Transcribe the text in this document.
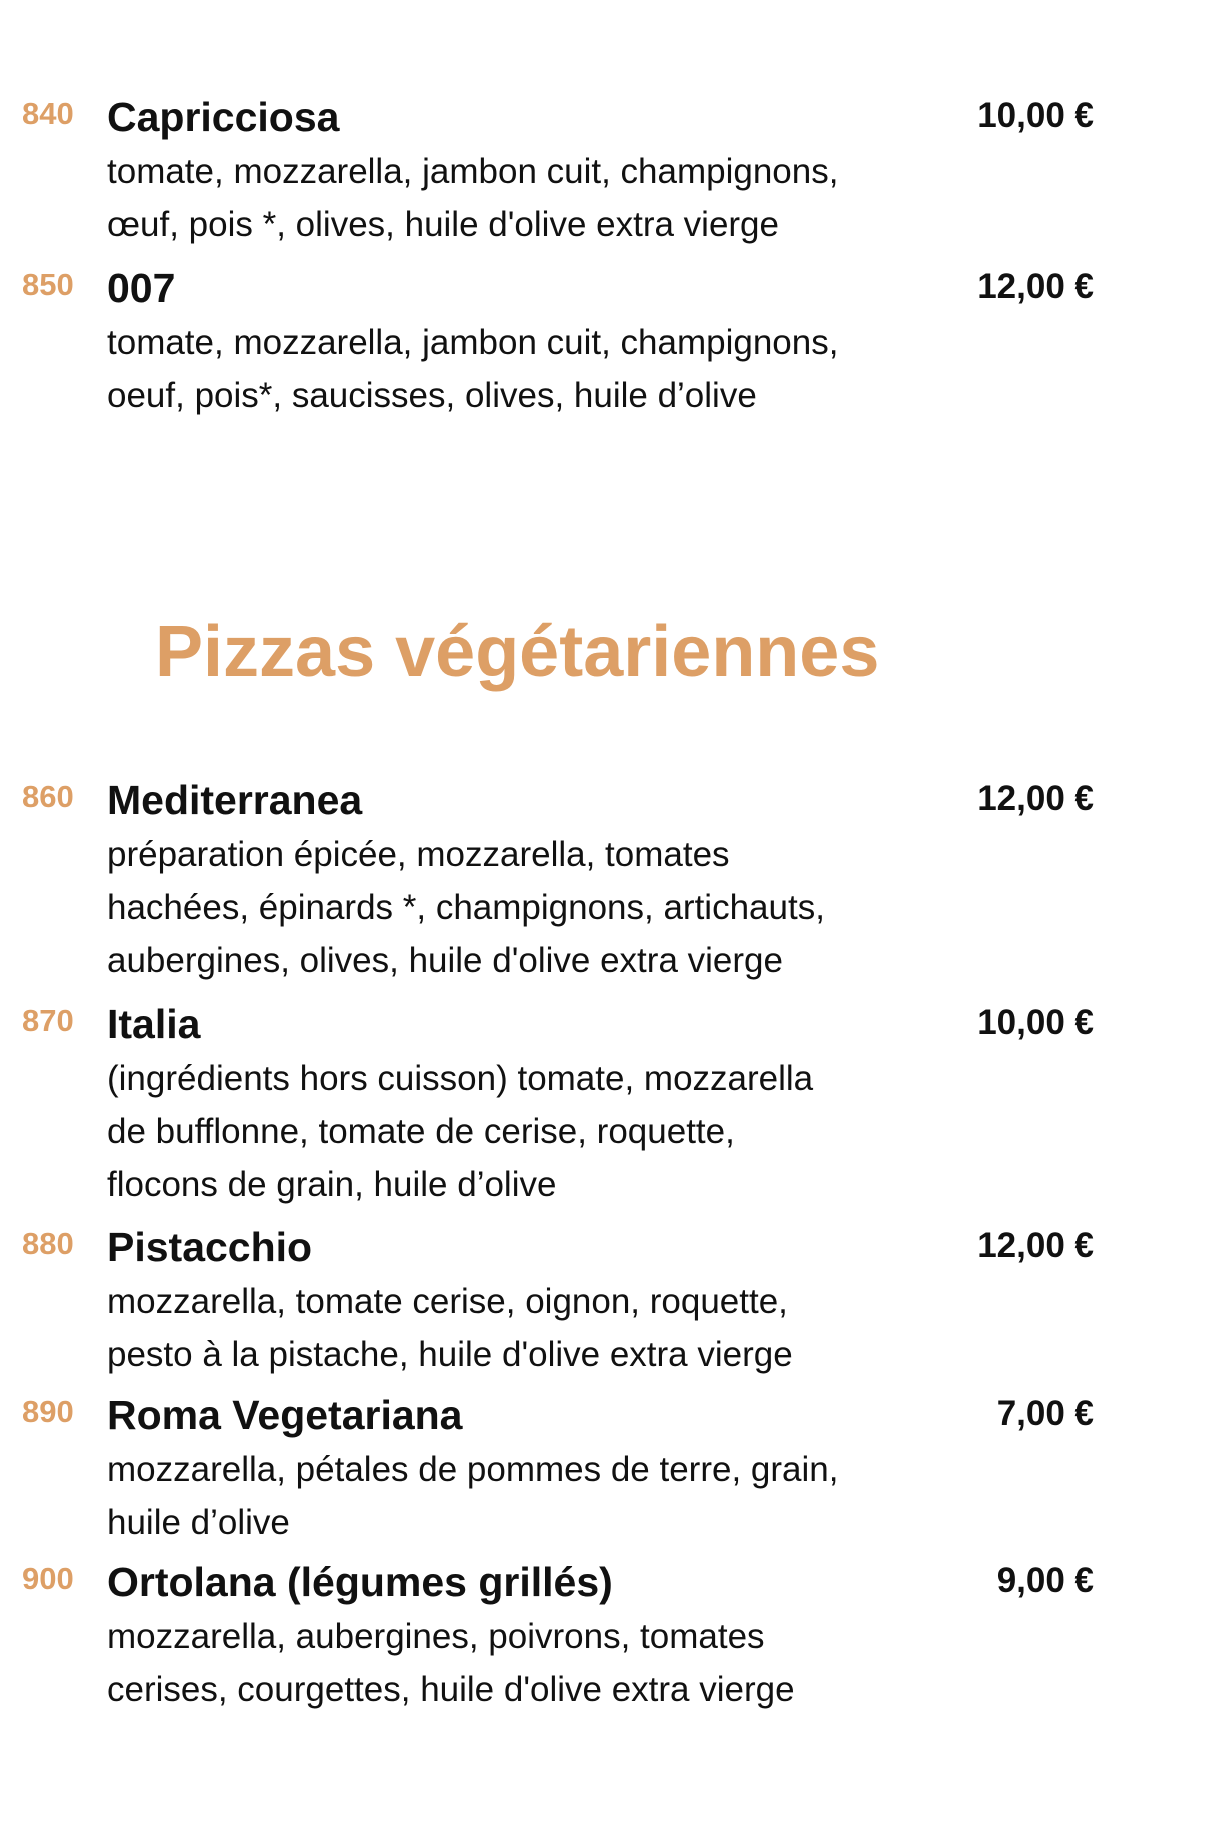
840 Capricciosa	10,00 €
tomate, mozzarella, jambon cuit, champignons,
œuf, pois *, olives, huile d'olive extra vierge
850 007	12,00 €
tomate, mozzarella, jambon cuit, champignons,
oeuf, pois*, saucisses, olives, huile d’olive
Pizzas végétariennes
860 Mediterranea	12,00 €
préparation épicée, mozzarella, tomates
hachées, épinards *, champignons, artichauts,
aubergines, olives, huile d'olive extra vierge
870 Italia	10,00 €
(ingrédients hors cuisson) tomate, mozzarella
de bufflonne, tomate de cerise, roquette,
flocons de grain, huile d’olive
880 Pistacchio	12,00 €
mozzarella, tomate cerise, oignon, roquette,
pesto à la pistache, huile d'olive extra vierge
890 Roma Vegetariana	7,00 €
mozzarella, pétales de pommes de terre, grain,
huile d’olive
900 Ortolana (légumes grillés)	9,00 €
mozzarella, aubergines, poivrons, tomates
cerises, courgettes, huile d'olive extra vierge
